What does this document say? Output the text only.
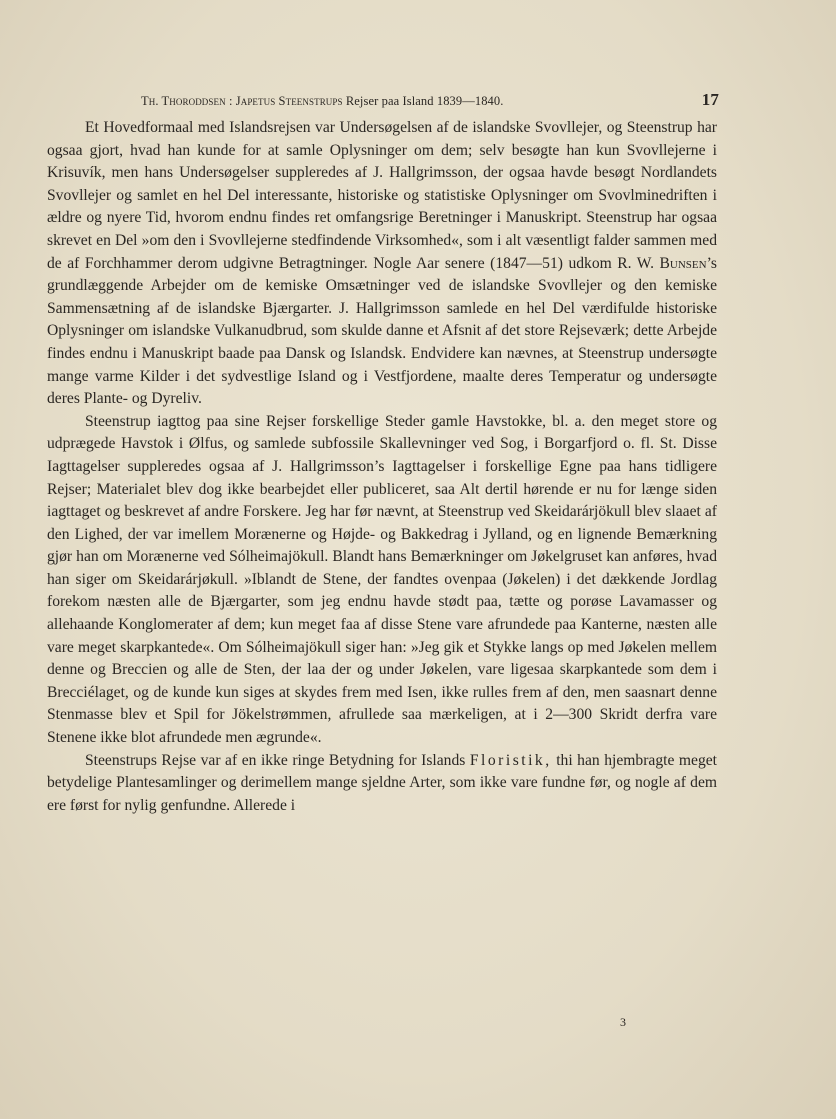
Th. Thoroddsen : Japetus Steenstrups Rejser paa Island 1839—1840.	17

Et Hovedformaal med Islandsrejsen var Undersøgelsen af de islandske Svovllejer, og Steenstrup har ogsaa gjort, hvad han kunde for at samle Oplysninger om dem; selv besøgte han kun Svovllejerne i Krisuvík, men hans Undersøgelser suppleredes af J. Hallgrimsson, der ogsaa havde besøgt Nordlandets Svovllejer og samlet en hel Del interessante, historiske og statistiske Oplysninger om Svovlminedriften i ældre og nyere Tid, hvorom endnu findes ret omfangsrige Beretninger i Manuskript. Steenstrup har ogsaa skrevet en Del »om den i Svovllejerne stedfindende Virksomhed«, som i alt væsentligt falder sammen med de af Forchhammer derom udgivne Betragtninger. Nogle Aar senere (1847—51) udkom R. W. Bunsen’s grundlæggende Arbejder om de kemiske Omsætninger ved de islandske Svovllejer og den kemiske Sammensætning af de islandske Bjærgarter. J. Hallgrimsson samlede en hel Del værdifulde historiske Oplysninger om islandske Vulkanudbrud, som skulde danne et Afsnit af det store Rejseværk; dette Arbejde findes endnu i Manuskript baade paa Dansk og Islandsk. Endvidere kan nævnes, at Steenstrup undersøgte mange varme Kilder i det sydvestlige Island og i Vestfjordene, maalte deres Temperatur og undersøgte deres Plante- og Dyreliv.

Steenstrup iagttog paa sine Rejser forskellige Steder gamle Havstokke, bl. a. den meget store og udprægede Havstok i Ølfus, og samlede subfossile Skallevninger ved Sog, i Borgarfjord o. fl. St. Disse Iagttagelser suppleredes ogsaa af J. Hallgrimsson’s Iagttagelser i forskellige Egne paa hans tidligere Rejser; Materialet blev dog ikke bearbejdet eller publiceret, saa Alt dertil hørende er nu for længe siden iagttaget og beskrevet af andre Forskere. Jeg har før nævnt, at Steenstrup ved Skeidarárjökull blev slaaet af den Lighed, der var imellem Morænerne og Højde- og Bakkedrag i Jylland, og en lignende Bemærkning gjør han om Morænerne ved Sólheimajökull. Blandt hans Bemærkninger om Jøkelgruset kan anføres, hvad han siger om Skeidarárjøkull. »Iblandt de Stene, der fandtes ovenpaa (Jøkelen) i det dækkende Jordlag forekom næsten alle de Bjærgarter, som jeg endnu havde stødt paa, tætte og porøse Lavamasser og allehaande Konglomerater af dem; kun meget faa af disse Stene vare afrundede paa Kanterne, næsten alle vare meget skarpkantede«. Om Sólheimajökull siger han: »Jeg gik et Stykke langs op med Jøkelen mellem denne og Breccien og alle de Sten, der laa der og under Jøkelen, vare ligesaa skarpkantede som dem i Brecciélaget, og de kunde kun siges at skydes frem med Isen, ikke rulles frem af den, men saasnart denne Stenmasse blev et Spil for Jökelstrømmen, afrullede saa mærkeligen, at i 2—300 Skridt derfra vare Stenene ikke blot afrundede men ægrunde«.

Steenstrups Rejse var af en ikke ringe Betydning for Islands Floristik, thi han hjembragte meget betydelige Plantesamlinger og derimellem mange sjeldne Arter, som ikke vare fundne før, og nogle af dem ere først for nylig genfundne. Allerede i

3
